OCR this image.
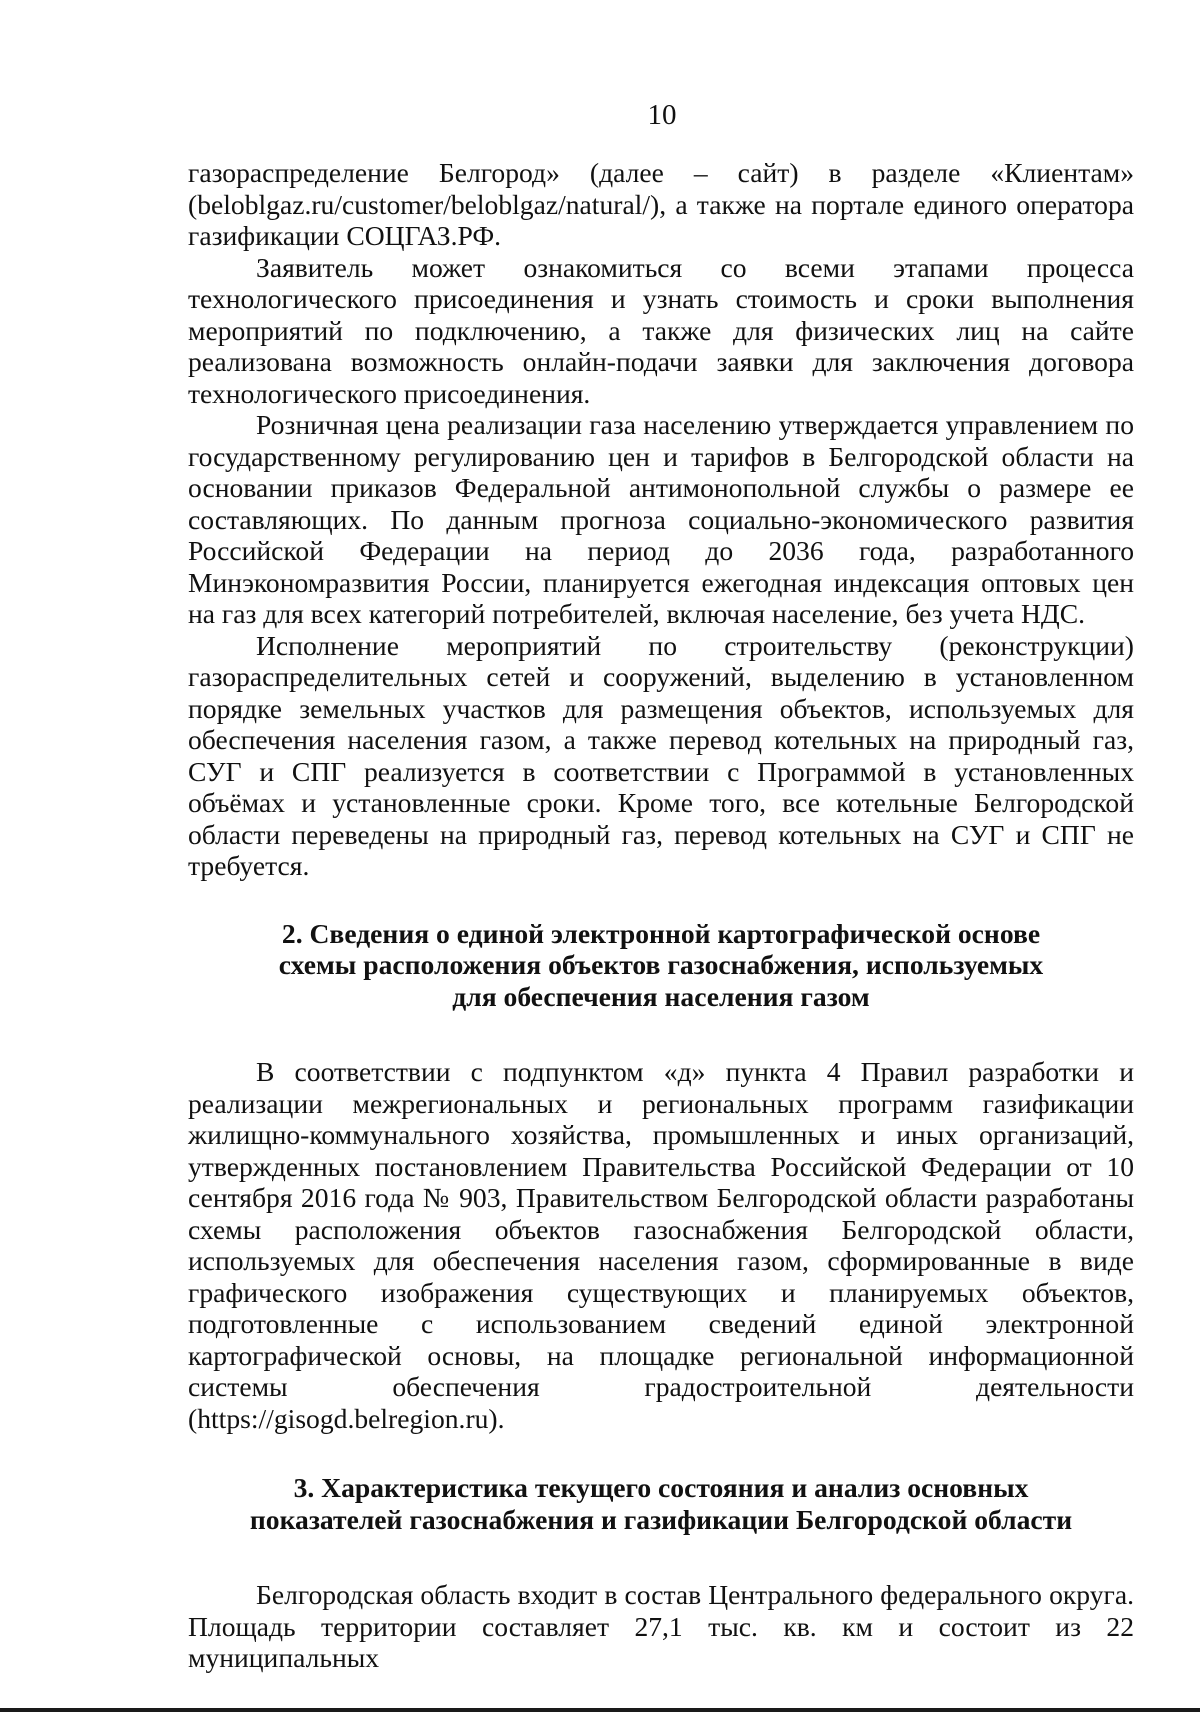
10

газораспределение Белгород» (далее – сайт) в разделе «Клиентам» (beloblgaz.ru/customer/beloblgaz/natural/), а также на портале единого оператора газификации СОЦГАЗ.РФ.

Заявитель может ознакомиться со всеми этапами процесса технологического присоединения и узнать стоимость и сроки выполнения мероприятий по подключению, а также для физических лиц на сайте реализована возможность онлайн-подачи заявки для заключения договора технологического присоединения.

Розничная цена реализации газа населению утверждается управлением по государственному регулированию цен и тарифов в Белгородской области на основании приказов Федеральной антимонопольной службы о размере ее составляющих. По данным прогноза социально-экономического развития Российской Федерации на период до 2036 года, разработанного Минэкономразвития России, планируется ежегодная индексация оптовых цен на газ для всех категорий потребителей, включая население, без учета НДС.

Исполнение мероприятий по строительству (реконструкции) газораспределительных сетей и сооружений, выделению в установленном порядке земельных участков для размещения объектов, используемых для обеспечения населения газом, а также перевод котельных на природный газ, СУГ и СПГ реализуется в соответствии с Программой в установленных объёмах и установленные сроки. Кроме того, все котельные Белгородской области переведены на природный газ, перевод котельных на СУГ и СПГ не требуется.

2. Сведения о единой электронной картографической основе
схемы расположения объектов газоснабжения, используемых
для обеспечения населения газом

В соответствии с подпунктом «д» пункта 4 Правил разработки и реализации межрегиональных и региональных программ газификации жилищно-коммунального хозяйства, промышленных и иных организаций, утвержденных постановлением Правительства Российской Федерации от 10 сентября 2016 года № 903, Правительством Белгородской области разработаны схемы расположения объектов газоснабжения Белгородской области, используемых для обеспечения населения газом, сформированные в виде графического изображения существующих и планируемых объектов, подготовленные с использованием сведений единой электронной картографической основы, на площадке региональной информационной системы обеспечения градостроительной деятельности (https://gisogd.belregion.ru).

3. Характеристика текущего состояния и анализ основных
показателей газоснабжения и газификации Белгородской области

Белгородская область входит в состав Центрального федерального округа. Площадь территории составляет 27,1 тыс. кв. км и состоит из 22 муниципальных
